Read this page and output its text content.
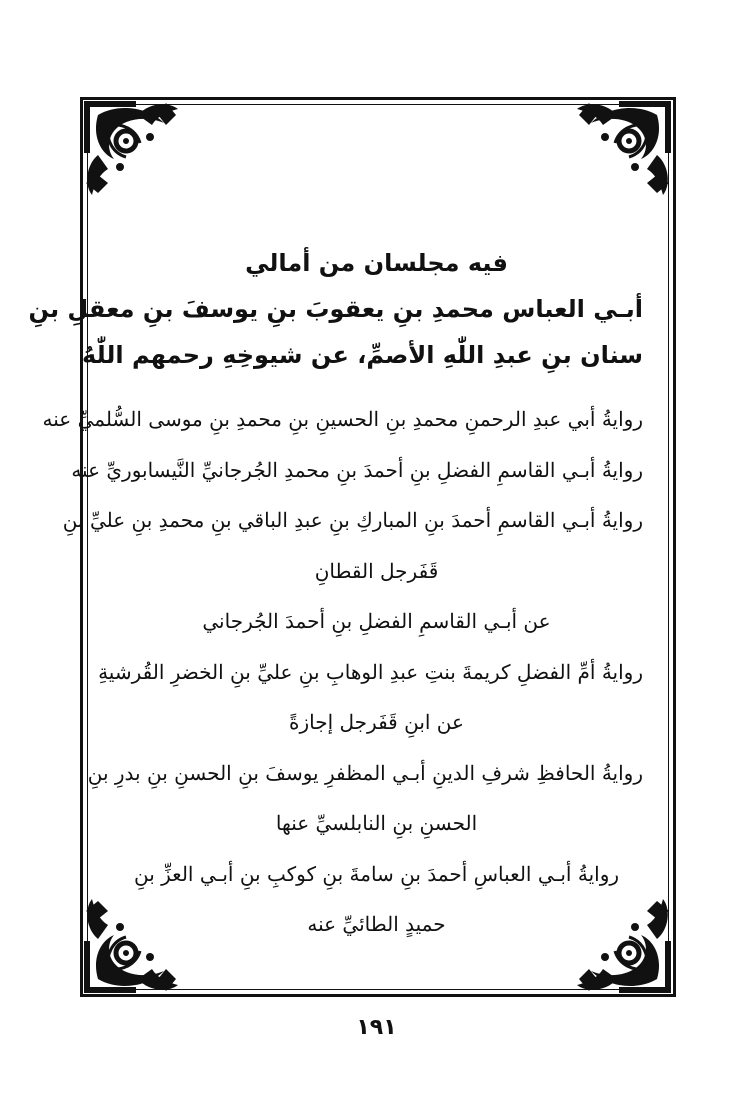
فيه مجلسان من أمالي

أبـي العباس محمدِ بنِ يعقوبَ بنِ يوسفَ بنِ معقلِ بنِ

سنان بنِ عبدِ اللّٰهِ الأصمِّ، عن شيوخِهِ رحمهم اللّٰهُ

روايةُ أبي عبدِ الرحمنِ محمدِ بنِ الحسينِ بنِ محمدِ بنِ موسى السُّلميِّ عنه

روايةُ أبـي القاسمِ الفضلِ بنِ أحمدَ بنِ محمدِ الجُرجانيِّ النَّيسابوريِّ عنه

روايةُ أبـي القاسمِ أحمدَ بنِ المباركِ بنِ عبدِ الباقي بنِ محمدِ بنِ عليِّ بنِ

قَفَرجل القطانِ

عن أبـي القاسمِ الفضلِ بنِ أحمدَ الجُرجاني

روايةُ أمِّ الفضلِ كريمةَ بنتِ عبدِ الوهابِ بنِ عليِّ بنِ الخضرِ القُرشيةِ

عن ابنِ قَفَرجل إجازةً

روايةُ الحافظِ شرفِ الدينِ أبـي المظفرِ يوسفَ بنِ الحسنِ بنِ بدرِ بنِ

الحسنِ بنِ النابلسيِّ عنها

روايةُ أبـي العباسِ أحمدَ بنِ سامةَ بنِ كوكبِ بنِ أبـي العزِّ بنِ

حميدٍ الطائيِّ عنه

١٩١
